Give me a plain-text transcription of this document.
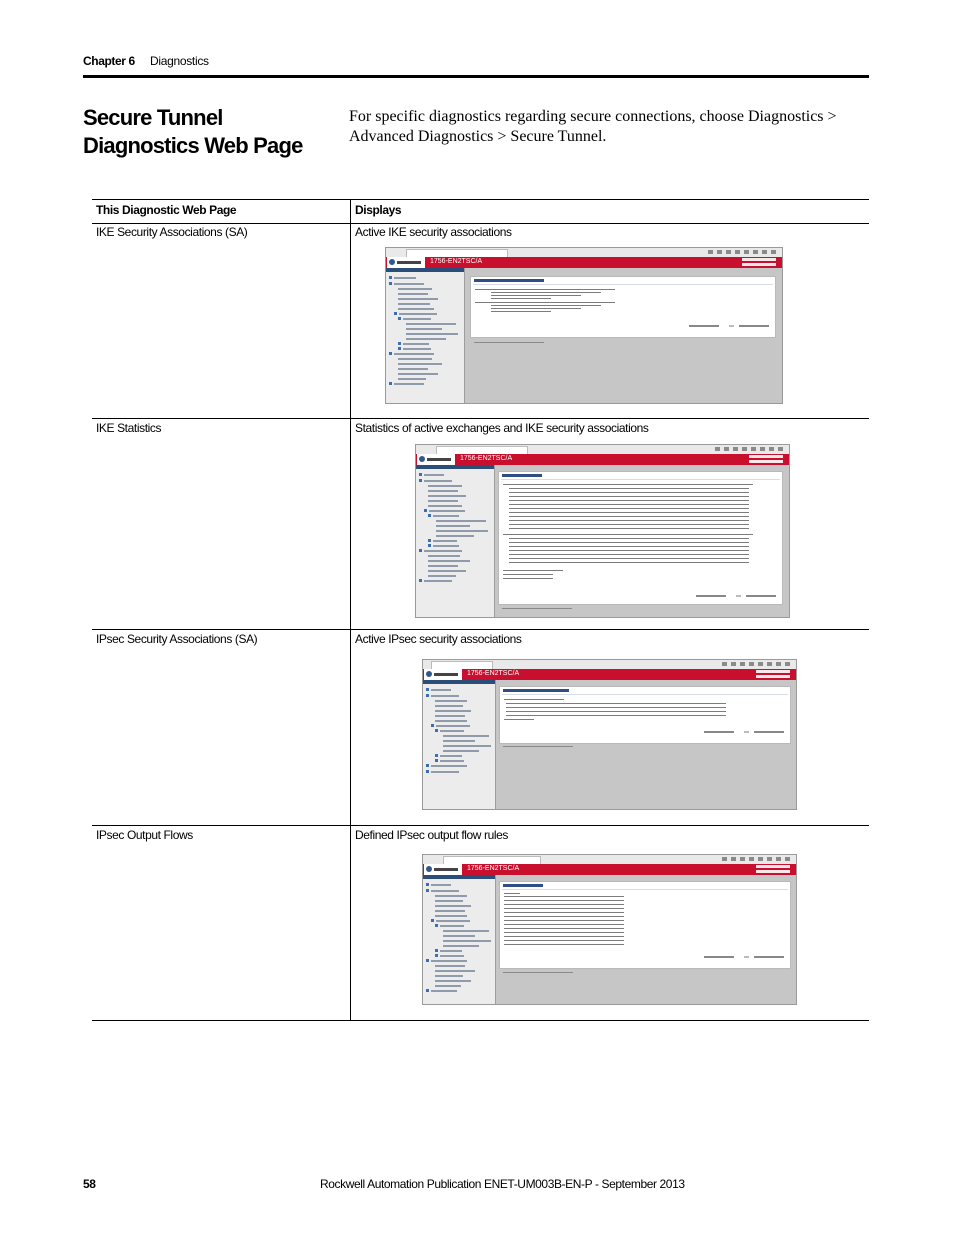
Chapter 6 Diagnostics
Secure Tunnel Diagnostics Web Page
For specific diagnostics regarding secure connections, choose Diagnostics > Advanced Diagnostics > Secure Tunnel.
This Diagnostic Web Page	Displays
IKE Security Associations (SA)	Active IKE security associations
1756-EN2TSC/A
IKE Statistics	Statistics of active exchanges and IKE security associations
1756-EN2TSC/A
IPsec Security Associations (SA)	Active IPsec security associations
1756-EN2TSC/A
IPsec Output Flows	Defined IPsec output flow rules
1756-EN2TSC/A
58	Rockwell Automation Publication ENET-UM003B-EN-P - September 2013
